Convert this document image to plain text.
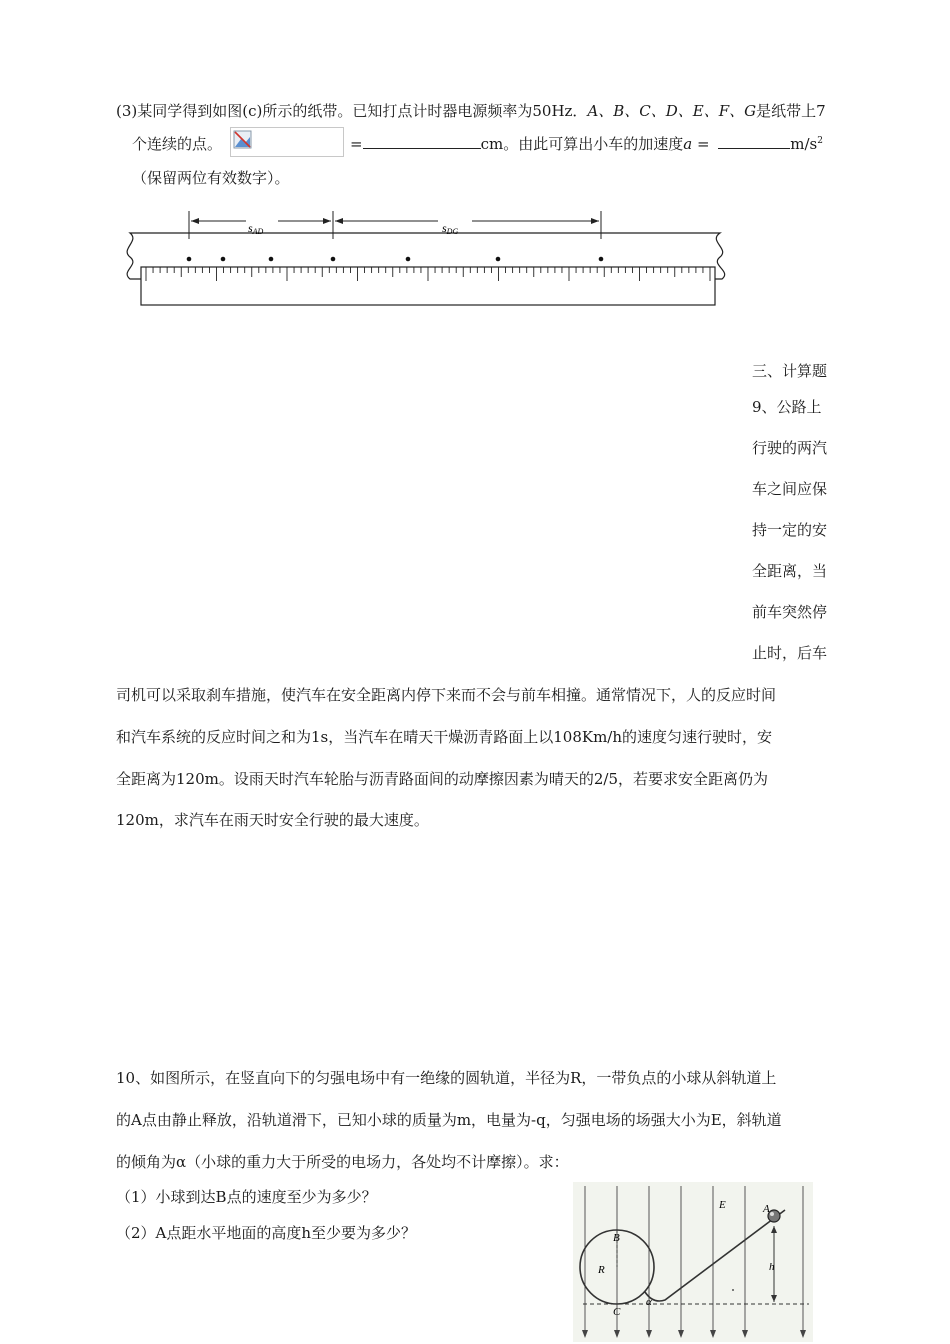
(3)某同学得到如图(c)所示的纸带。已知打点计时器电源频率为50Hz．A、B、C、D、E、F、G是纸带上7
个连续的点。	=	cm。由此可算出小车的加速度a =	$m/s^2$
（保留两位有效数字）。
sAD	sDG
三、计算题
9、公路上
行驶的两汽
车之间应保
持一定的安
全距离，当
前车突然停
止时，后车
司机可以采取刹车措施，使汽车在安全距离内停下来而不会与前车相撞。通常情况下，人的反应时间
和汽车系统的反应时间之和为1s，当汽车在晴天干燥沥青路面上以108Km/h的速度匀速行驶时，安
全距离为120m。设雨天时汽车轮胎与沥青路面间的动摩擦因素为晴天的2/5，若要求安全距离仍为
120m，求汽车在雨天时安全行驶的最大速度。
10、如图所示，在竖直向下的匀强电场中有一绝缘的圆轨道，半径为R，一带负点的小球从斜轨道上
的A点由静止释放，沿轨道滑下，已知小球的质量为m，电量为-q，匀强电场的场强大小为E，斜轨道
的倾角为α（小球的重力大于所受的电场力，各处均不计摩擦）。求：
（1）小球到达B点的速度至少为多少？
（2）A点距水平地面的高度h至少要为多少？
E	A
B
R	h
C
α
